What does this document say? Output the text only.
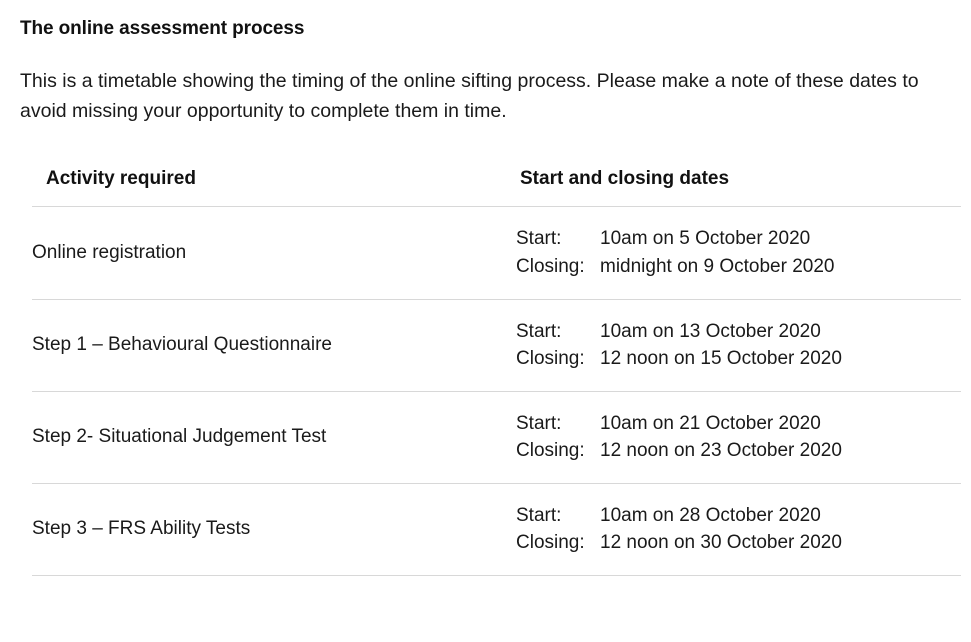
The online assessment process

This is a timetable showing the timing of the online sifting process. Please make a note of these dates to avoid missing your opportunity to complete them in time.

Activity required	Start and closing dates
Online registration	Start: 10am on 5 October 2020
Closing: midnight on 9 October 2020

Step 1 – Behavioural Questionnaire	Start: 10am on 13 October 2020
Closing: 12 noon on 15 October 2020

Step 2- Situational Judgement Test	Start: 10am on 21 October 2020
Closing: 12 noon on 23 October 2020

Step 3 – FRS Ability Tests	Start: 10am on 28 October 2020
Closing: 12 noon on 30 October 2020
